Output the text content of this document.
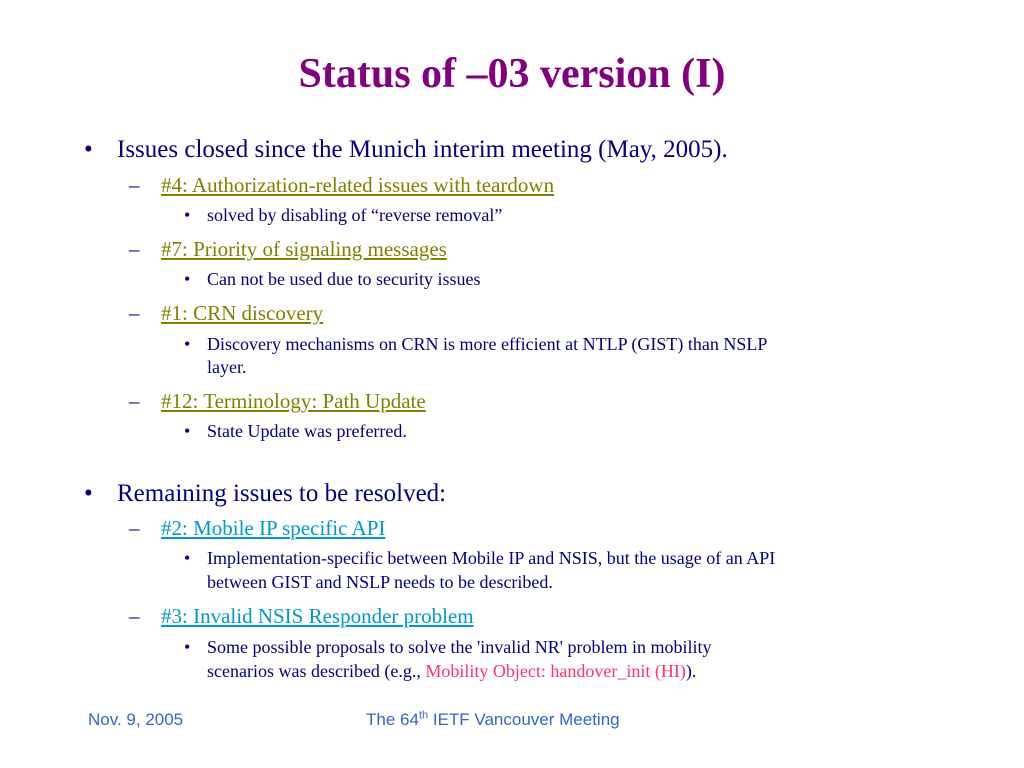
Status of –03 version (I)
• Issues closed since the Munich interim meeting (May, 2005).
– #4: Authorization-related issues with teardown
• solved by disabling of “reverse removal”
– #7: Priority of signaling messages
• Can not be used due to security issues
– #1: CRN discovery
• Discovery mechanisms on CRN is more efficient at NTLP (GIST) than NSLP
layer.
– #12: Terminology: Path Update
• State Update was preferred.
• Remaining issues to be resolved:
– #2: Mobile IP specific API
• Implementation-specific between Mobile IP and NSIS, but the usage of an API
between GIST and NSLP needs to be described.
– #3: Invalid NSIS Responder problem
• Some possible proposals to solve the 'invalid NR' problem in mobility
scenarios was described (e.g., Mobility Object: handover_init (HI)).
Nov. 9, 2005	The 64th IETF Vancouver Meeting
